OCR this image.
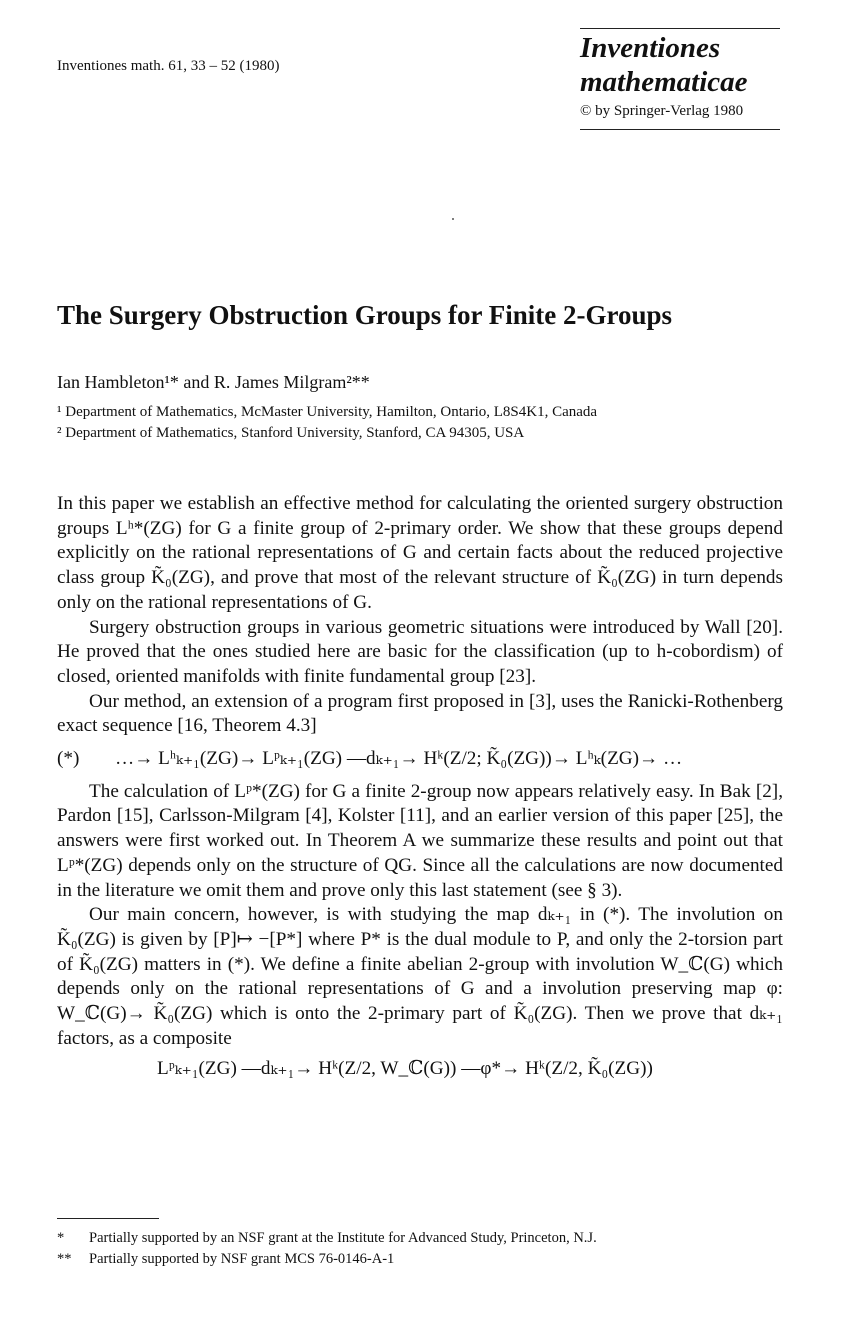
Inventiones math. 61, 33 – 52 (1980)
Inventiones
mathematicae
© by Springer-Verlag 1980
The Surgery Obstruction Groups for Finite 2-Groups
Ian Hambleton¹* and R. James Milgram²**
¹ Department of Mathematics, McMaster University, Hamilton, Ontario, L8S4K1, Canada
² Department of Mathematics, Stanford University, Stanford, CA 94305, USA

In this paper we establish an effective method for calculating the oriented surgery obstruction groups Lʰ*(ZG) for G a finite group of 2-primary order. We show that these groups depend explicitly on the rational representations of G and certain facts about the reduced projective class group K̃₀(ZG), and prove that most of the relevant structure of K̃₀(ZG) in turn depends only on the rational representations of G.

Surgery obstruction groups in various geometric situations were introduced by Wall [20]. He proved that the ones studied here are basic for the classification (up to h-cobordism) of closed, oriented manifolds with finite fundamental group [23].

Our method, an extension of a program first proposed in [3], uses the Ranicki-Rothenberg exact sequence [16, Theorem 4.3]

(*) …→ Lʰₖ₊₁(ZG)→ Lᵖₖ₊₁(ZG) —dₖ₊₁→ Hᵏ(Z/2; K̃₀(ZG))→ Lʰₖ(ZG)→ …

The calculation of Lᵖ*(ZG) for G a finite 2-group now appears relatively easy. In Bak [2], Pardon [15], Carlsson-Milgram [4], Kolster [11], and an earlier version of this paper [25], the answers were first worked out. In Theorem A we summarize these results and point out that Lᵖ*(ZG) depends only on the structure of QG. Since all the calculations are now documented in the literature we omit them and prove only this last statement (see § 3).

Our main concern, however, is with studying the map dₖ₊₁ in (*). The involution on K̃₀(ZG) is given by [P]↦ −[P*] where P* is the dual module to P, and only the 2-torsion part of K̃₀(ZG) matters in (*). We define a finite abelian 2-group with involution W_ℂ(G) which depends only on the rational representations of G and a involution preserving map φ: W_ℂ(G)→ K̃₀(ZG) which is onto the 2-primary part of K̃₀(ZG). Then we prove that dₖ₊₁ factors, as a composite

Lᵖₖ₊₁(ZG) —dₖ₊₁→ Hᵏ(Z/2, W_ℂ(G)) —φ*→ Hᵏ(Z/2, K̃₀(ZG))
* Partially supported by an NSF grant at the Institute for Advanced Study, Princeton, N.J.
** Partially supported by NSF grant MCS 76-0146-A-1
